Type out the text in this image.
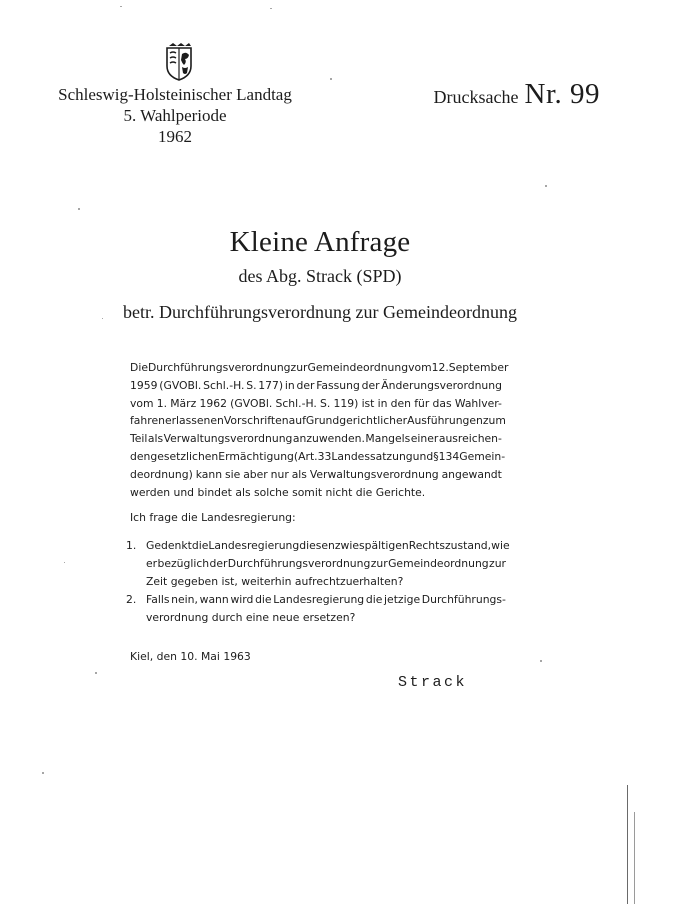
Schleswig-Holsteinischer Landtag
5. Wahlperiode
1962
Drucksache Nr. 99
Kleine Anfrage
des Abg. Strack (SPD)
betr. Durchführungsverordnung zur Gemeindeordnung
Die Durchführungsverordnung zur Gemeindeordnung vom 12. September
1959 (GVOBl. Schl.-H. S. 177) in der Fassung der Änderungsverordnung
vom 1. März 1962 (GVOBl. Schl.-H. S. 119) ist in den für das Wahlver-
fahren erlassenen Vorschriften auf Grund gerichtlicher Ausführungen zum
Teil als Verwaltungsverordnung anzuwenden. Mangels einer ausreichen-
den gesetzlichen Ermächtigung (Art. 33 Landessatzung und § 134 Gemein-
deordnung) kann sie aber nur als Verwaltungsverordnung angewandt
werden und bindet als solche somit nicht die Gerichte.
Ich frage die Landesregierung:
1. Gedenkt die Landesregierung diesen zwiespältigen Rechtszustand, wie
er bezüglich der Durchführungsverordnung zur Gemeindeordnung zur
Zeit gegeben ist, weiterhin aufrechtzuerhalten?
2. Falls nein, wann wird die Landesregierung die jetzige Durchführungs-
verordnung durch eine neue ersetzen?
Kiel, den 10. Mai 1963
Strack
